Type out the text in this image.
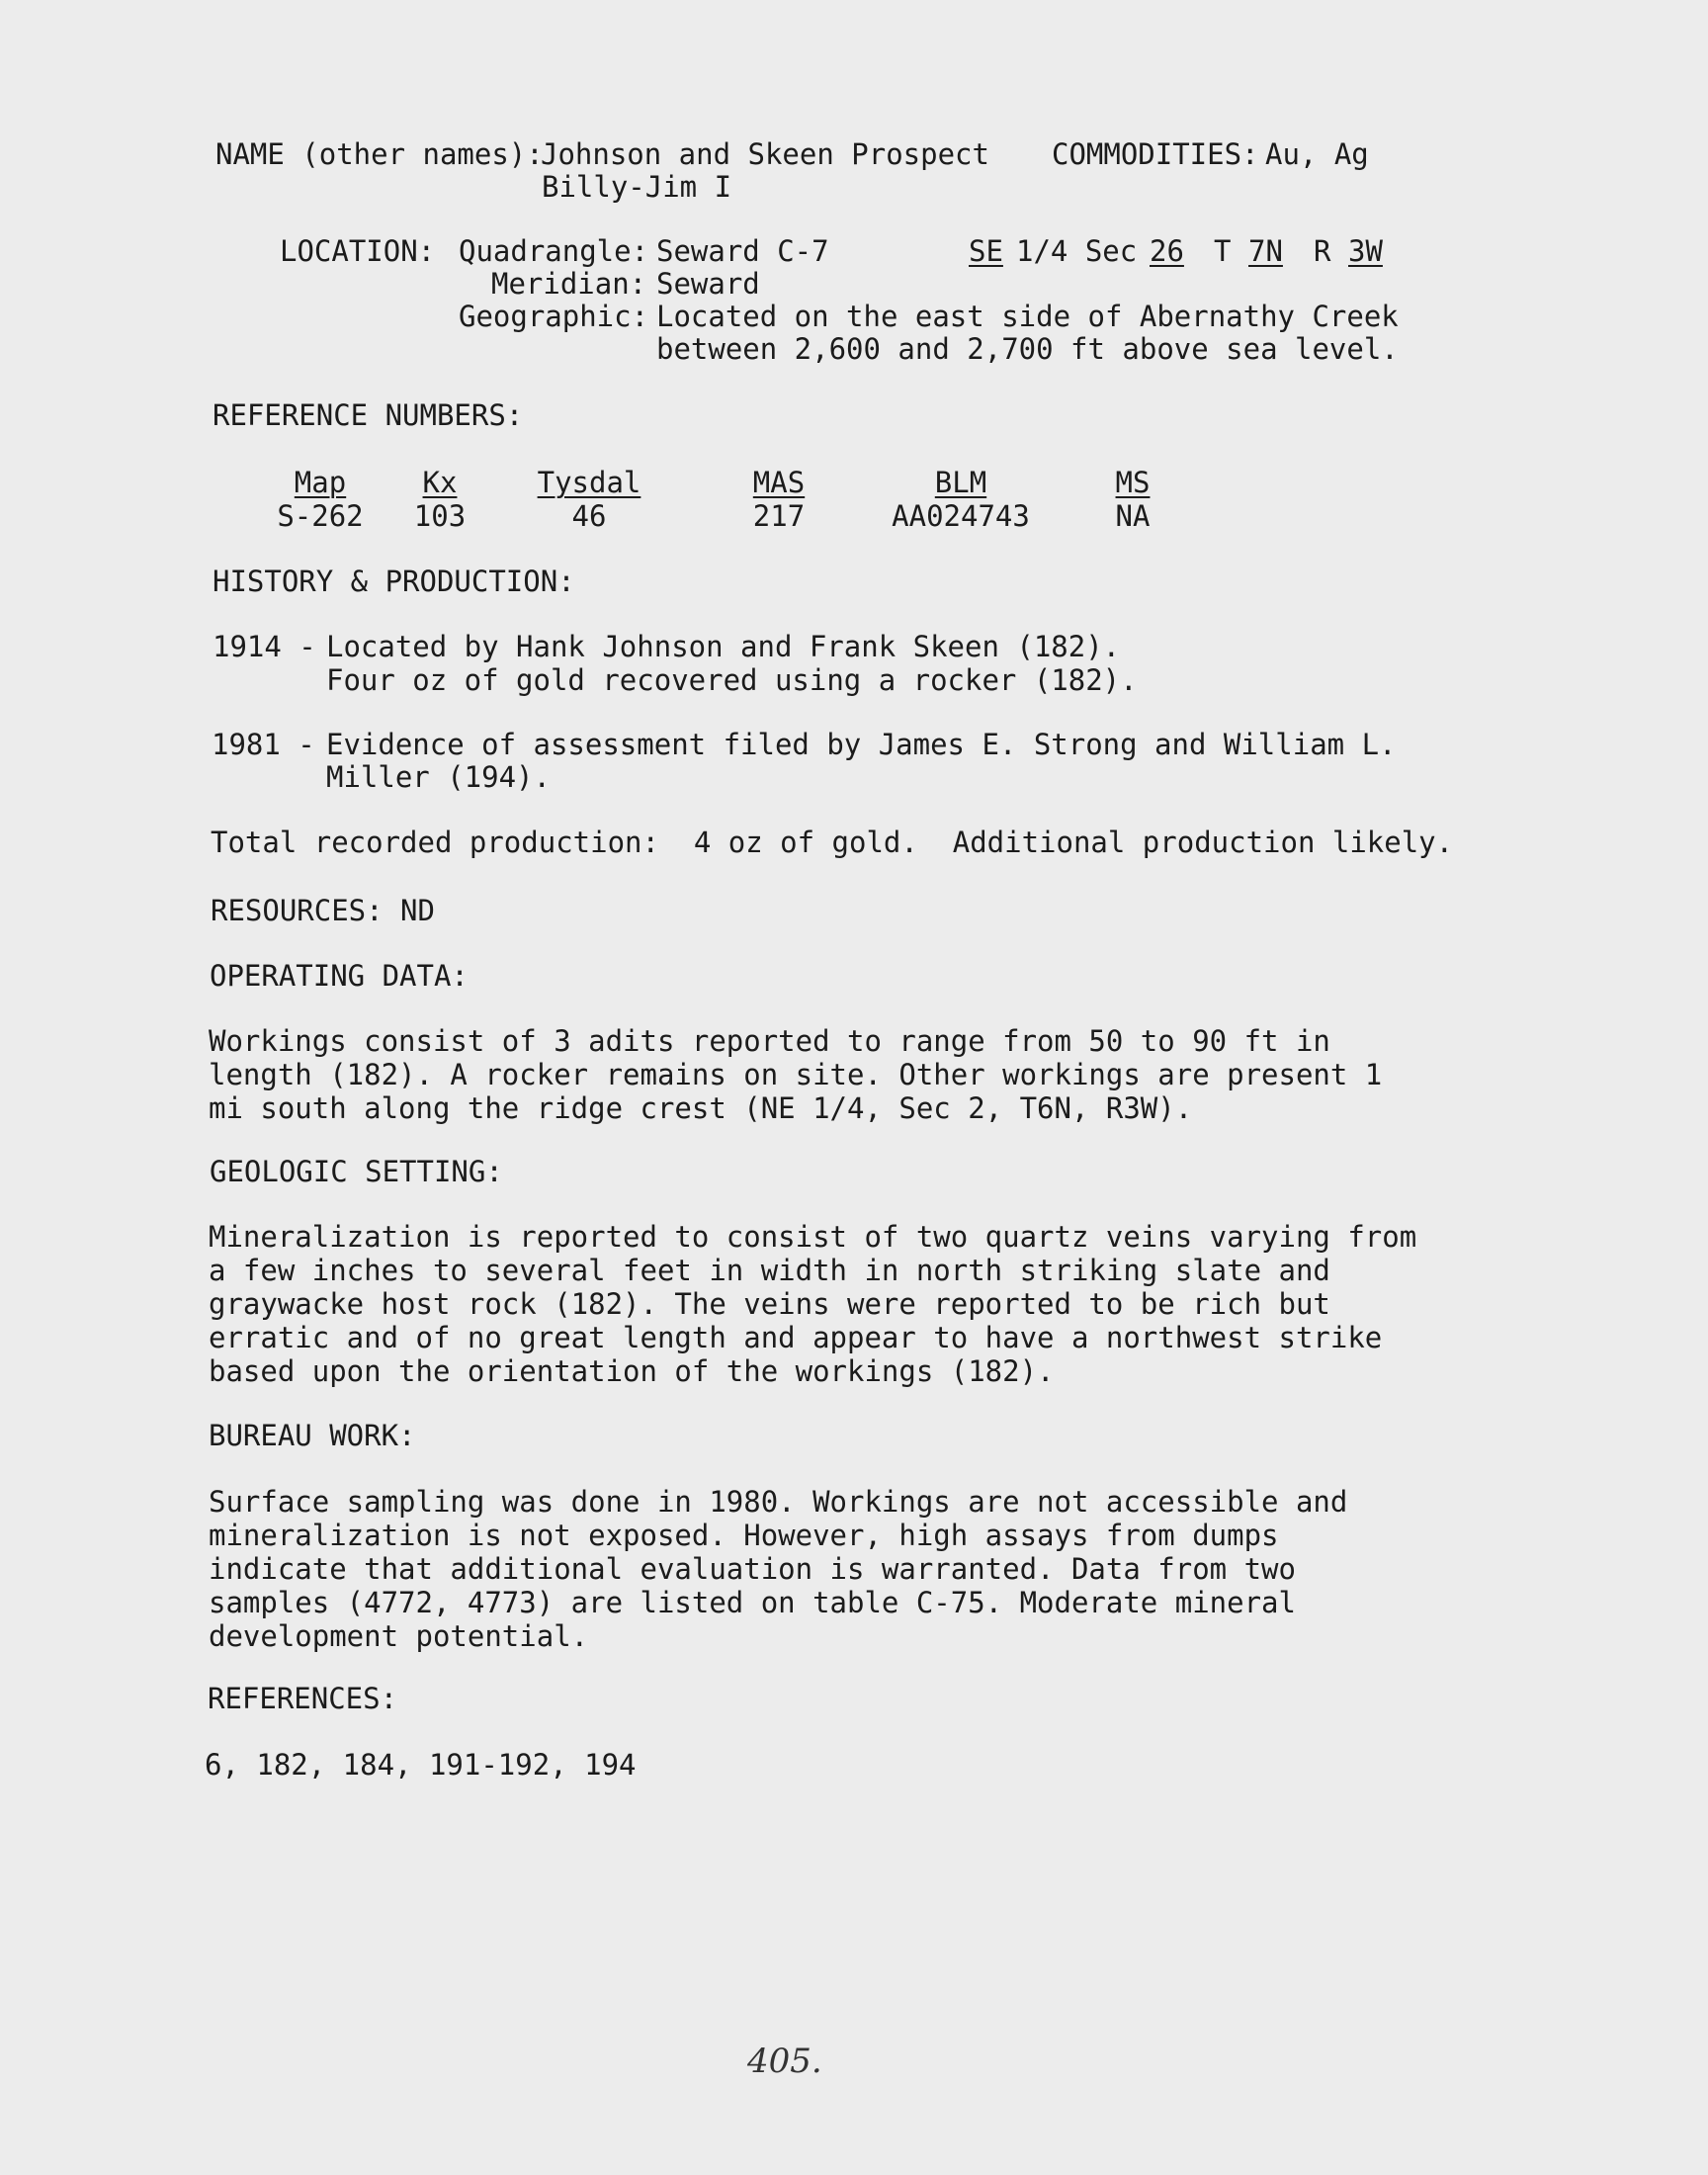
NAME (other names):
Johnson and Skeen Prospect
Billy-Jim I
COMMODITIES: Au, Ag
LOCATION: Quadrangle: Seward C-7	SE 1/4 Sec 26 T 7N R 3W
Meridian: Seward
Geographic: Located on the east side of Abernathy Creek
between 2,600 and 2,700 ft above sea level.
REFERENCE NUMBERS:
Map
S-262
Kx
103
Tysdal
46
MAS
217
BLM
AA024743
MS
NA
HISTORY & PRODUCTION:
1914 - Located by Hank Johnson and Frank Skeen (182).
Four oz of gold recovered using a rocker (182).
1981 - Evidence of assessment filed by James E. Strong and William L.
Miller (194).
Total recorded production:  4 oz of gold.  Additional production likely.
RESOURCES: ND
OPERATING DATA:
Workings consist of 3 adits reported to range from 50 to 90 ft in
length (182). A rocker remains on site. Other workings are present 1
mi south along the ridge crest (NE 1/4, Sec 2, T6N, R3W).
GEOLOGIC SETTING:
Mineralization is reported to consist of two quartz veins varying from
a few inches to several feet in width in north striking slate and
graywacke host rock (182). The veins were reported to be rich but
erratic and of no great length and appear to have a northwest strike
based upon the orientation of the workings (182).
BUREAU WORK:
Surface sampling was done in 1980. Workings are not accessible and
mineralization is not exposed. However, high assays from dumps
indicate that additional evaluation is warranted. Data from two
samples (4772, 4773) are listed on table C-75. Moderate mineral
development potential.
REFERENCES:
6, 182, 184, 191-192, 194
405.
